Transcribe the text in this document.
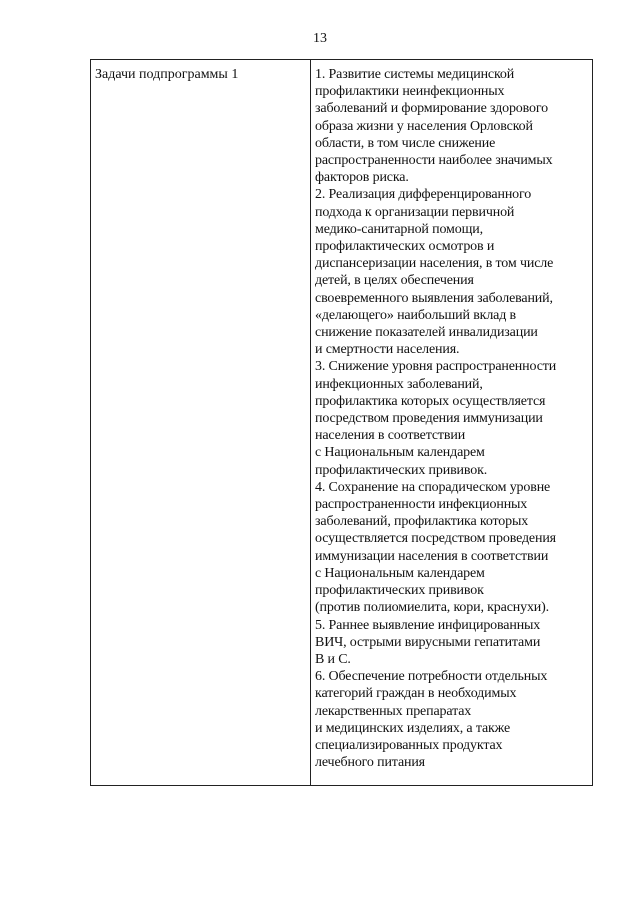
13
Задачи подпрограммы 1	1. Развитие системы медицинской
профилактики неинфекционных
заболеваний и формирование здорового
образа жизни у населения Орловской
области, в том числе снижение
распространенности наиболее значимых
факторов риска.
2. Реализация дифференцированного
подхода к организации первичной
медико-санитарной помощи,
профилактических осмотров и
диспансеризации населения, в том числе
детей, в целях обеспечения
своевременного выявления заболеваний,
«делающего» наибольший вклад в
снижение показателей инвалидизации
и смертности населения.
3. Снижение уровня распространенности
инфекционных заболеваний,
профилактика которых осуществляется
посредством проведения иммунизации
населения в соответствии
с Национальным календарем
профилактических прививок.
4. Сохранение на спорадическом уровне
распространенности инфекционных
заболеваний, профилактика которых
осуществляется посредством проведения
иммунизации населения в соответствии
с Национальным календарем
профилактических прививок
(против полиомиелита, кори, краснухи).
5. Раннее выявление инфицированных
ВИЧ, острыми вирусными гепатитами
В и С.
6. Обеспечение потребности отдельных
категорий граждан в необходимых
лекарственных препаратах
и медицинских изделиях, а также
специализированных продуктах
лечебного питания
